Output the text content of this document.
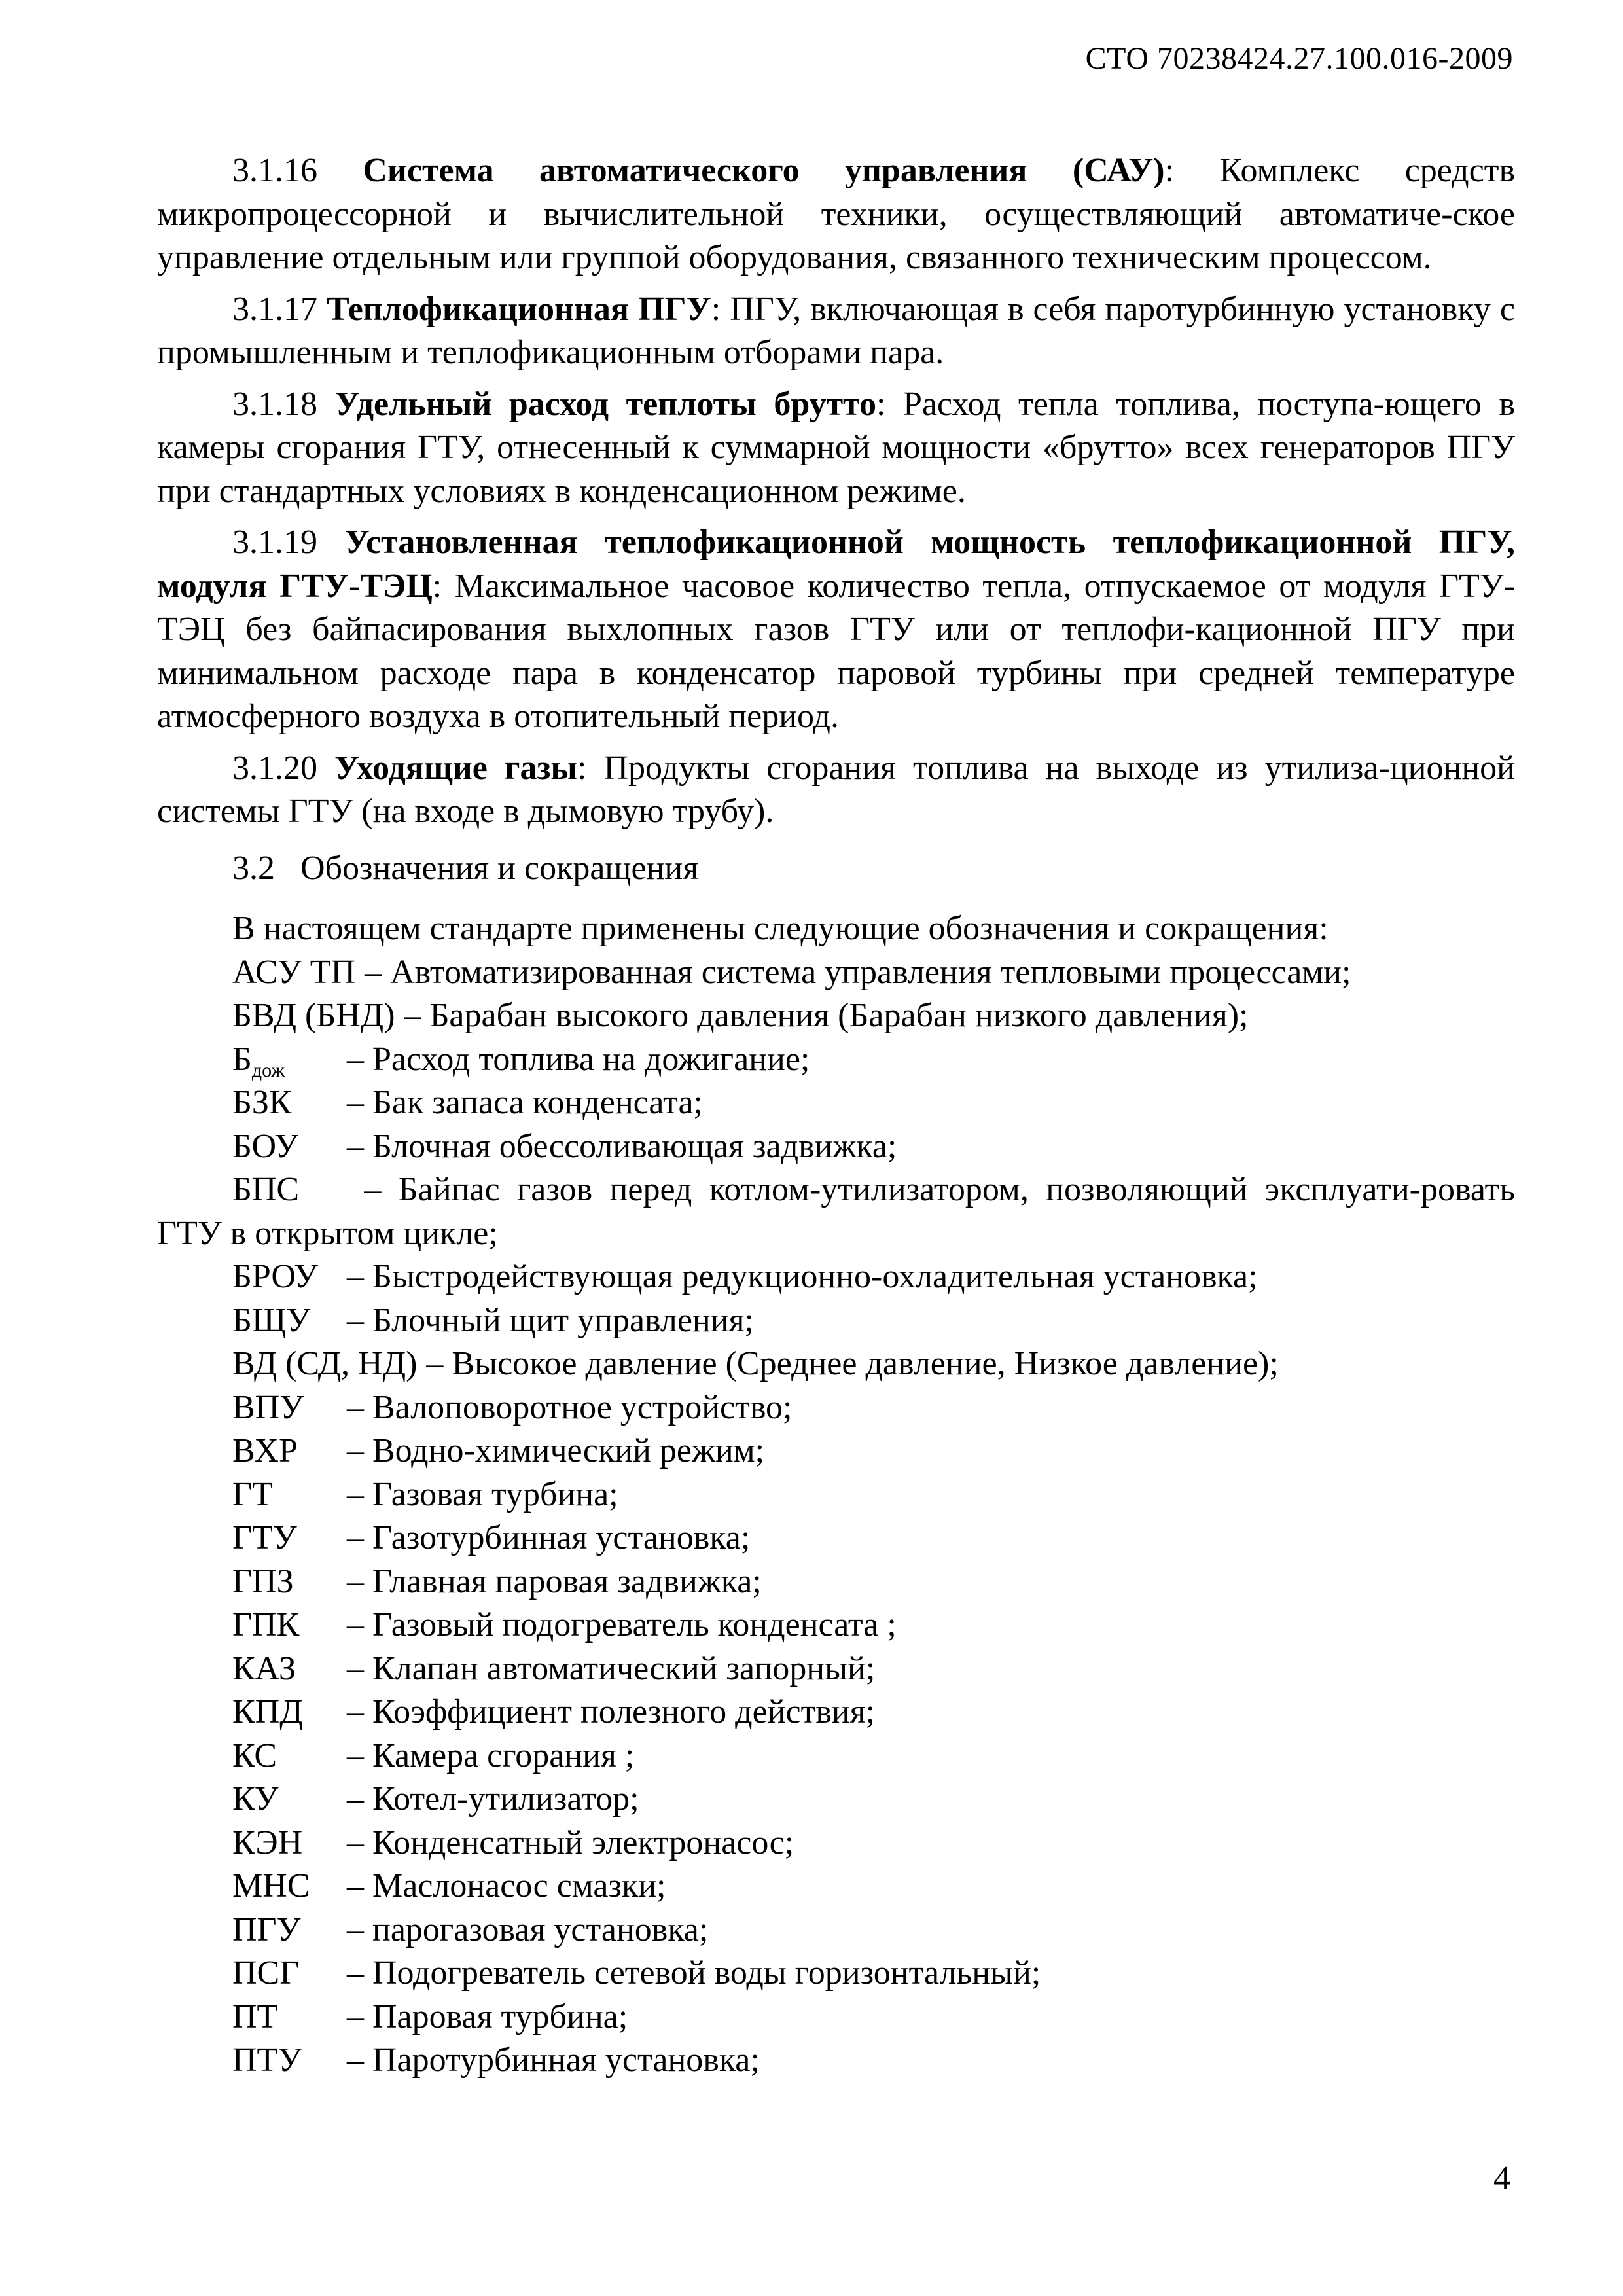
СТО 70238424.27.100.016-2009
3.1.16 Система автоматического управления (САУ): Комплекс средств микропроцессорной и вычислительной техники, осуществляющий автоматиче-ское управление отдельным или группой оборудования, связанного техническим процессом.
3.1.17 Теплофикационная ПГУ: ПГУ, включающая в себя паротурбинную установку с промышленным и теплофикационным отборами пара.
3.1.18 Удельный расход теплоты брутто: Расход тепла топлива, поступа-ющего в камеры сгорания ГТУ, отнесенный к суммарной мощности «брутто» всех генераторов ПГУ при стандартных условиях в конденсационном режиме.
3.1.19 Установленная теплофикационной мощность теплофикационной ПГУ, модуля ГТУ-ТЭЦ: Максимальное часовое количество тепла, отпускаемое от модуля ГТУ-ТЭЦ без байпасирования выхлопных газов ГТУ или от теплофи-кационной ПГУ при минимальном расходе пара в конденсатор паровой турбины при средней температуре атмосферного воздуха в отопительный период.
3.1.20 Уходящие газы: Продукты сгорания топлива на выходе из утилиза-ционной системы ГТУ (на входе в дымовую трубу).
3.2 Обозначения и сокращения
В настоящем стандарте применены следующие обозначения и сокращения:
АСУ ТП – Автоматизированная система управления тепловыми процессами;
БВД (БНД) – Барабан высокого давления (Барабан низкого давления);
$Б_{дож}$	– Расход топлива на дожигание;
БЗК	– Бак запаса конденсата;
БОУ	– Блочная обессоливающая задвижка;
БПС – Байпас газов перед котлом-утилизатором, позволяющий эксплуати-ровать ГТУ в открытом цикле;
БРОУ – Быстродействующая редукционно-охладительная установка;
БЩУ	– Блочный щит управления;
ВД (СД, НД) – Высокое давление (Среднее давление, Низкое давление);
ВПУ	– Валоповоротное устройство;
ВХР	– Водно-химический режим;
ГТ	– Газовая турбина;
ГТУ	– Газотурбинная установка;
ГПЗ	– Главная паровая задвижка;
ГПК	– Газовый подогреватель конденсата ;
КАЗ	– Клапан автоматический запорный;
КПД	– Коэффициент полезного действия;
КС	– Камера сгорания ;
КУ	– Котел-утилизатор;
КЭН	– Конденсатный электронасос;
МНС	– Маслонасос смазки;
ПГУ	– парогазовая установка;
ПСГ	– Подогреватель сетевой воды горизонтальный;
ПТ	– Паровая турбина;
ПТУ	– Паротурбинная установка;
4
